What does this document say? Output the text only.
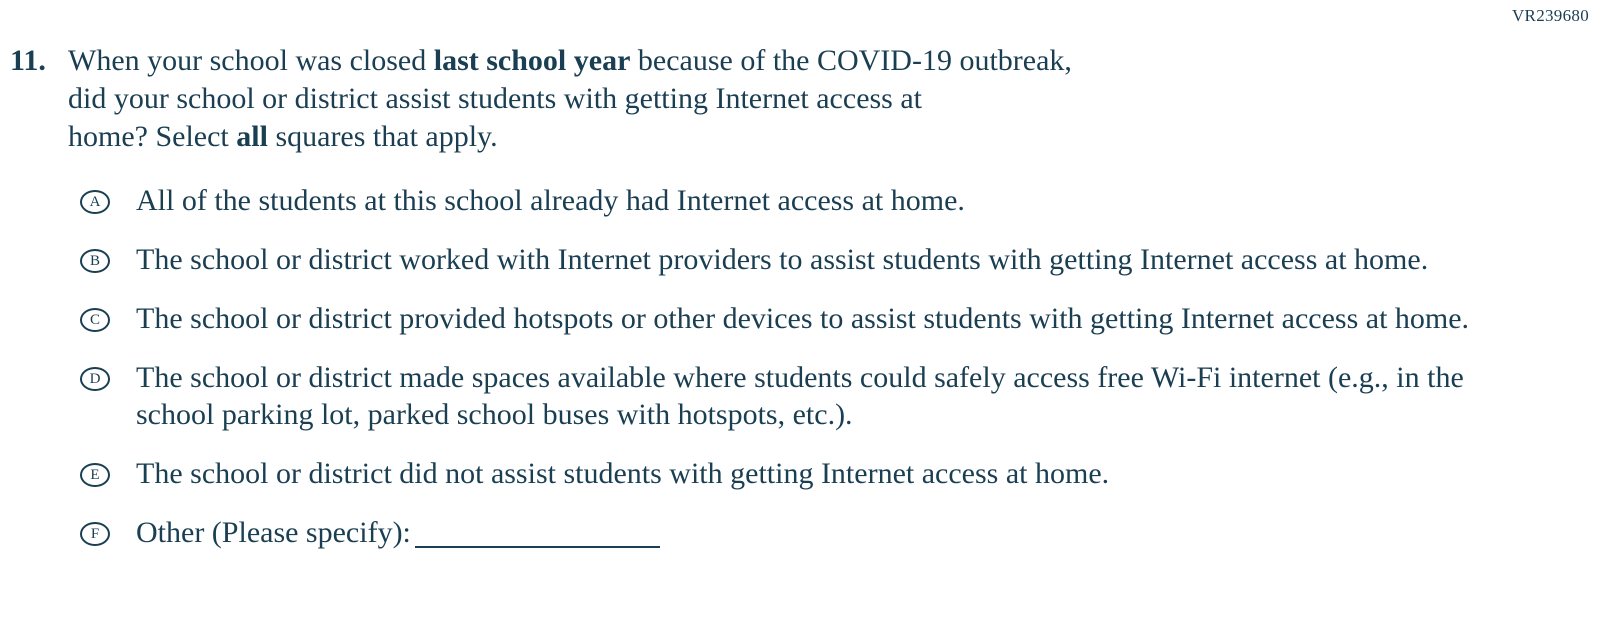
VR239680
11. When your school was closed last school year because of the COVID-19 outbreak,
did your school or district assist students with getting Internet access at
home? Select all squares that apply.
A	All of the students at this school already had Internet access at home.
B	The school or district worked with Internet providers to assist students with getting Internet access at home.
C	The school or district provided hotspots or other devices to assist students with getting Internet access at home.
D	The school or district made spaces available where students could safely access free Wi-Fi internet (e.g., in the school parking lot, parked school buses with hotspots, etc.).
E	The school or district did not assist students with getting Internet access at home.
F	Other (Please specify):
